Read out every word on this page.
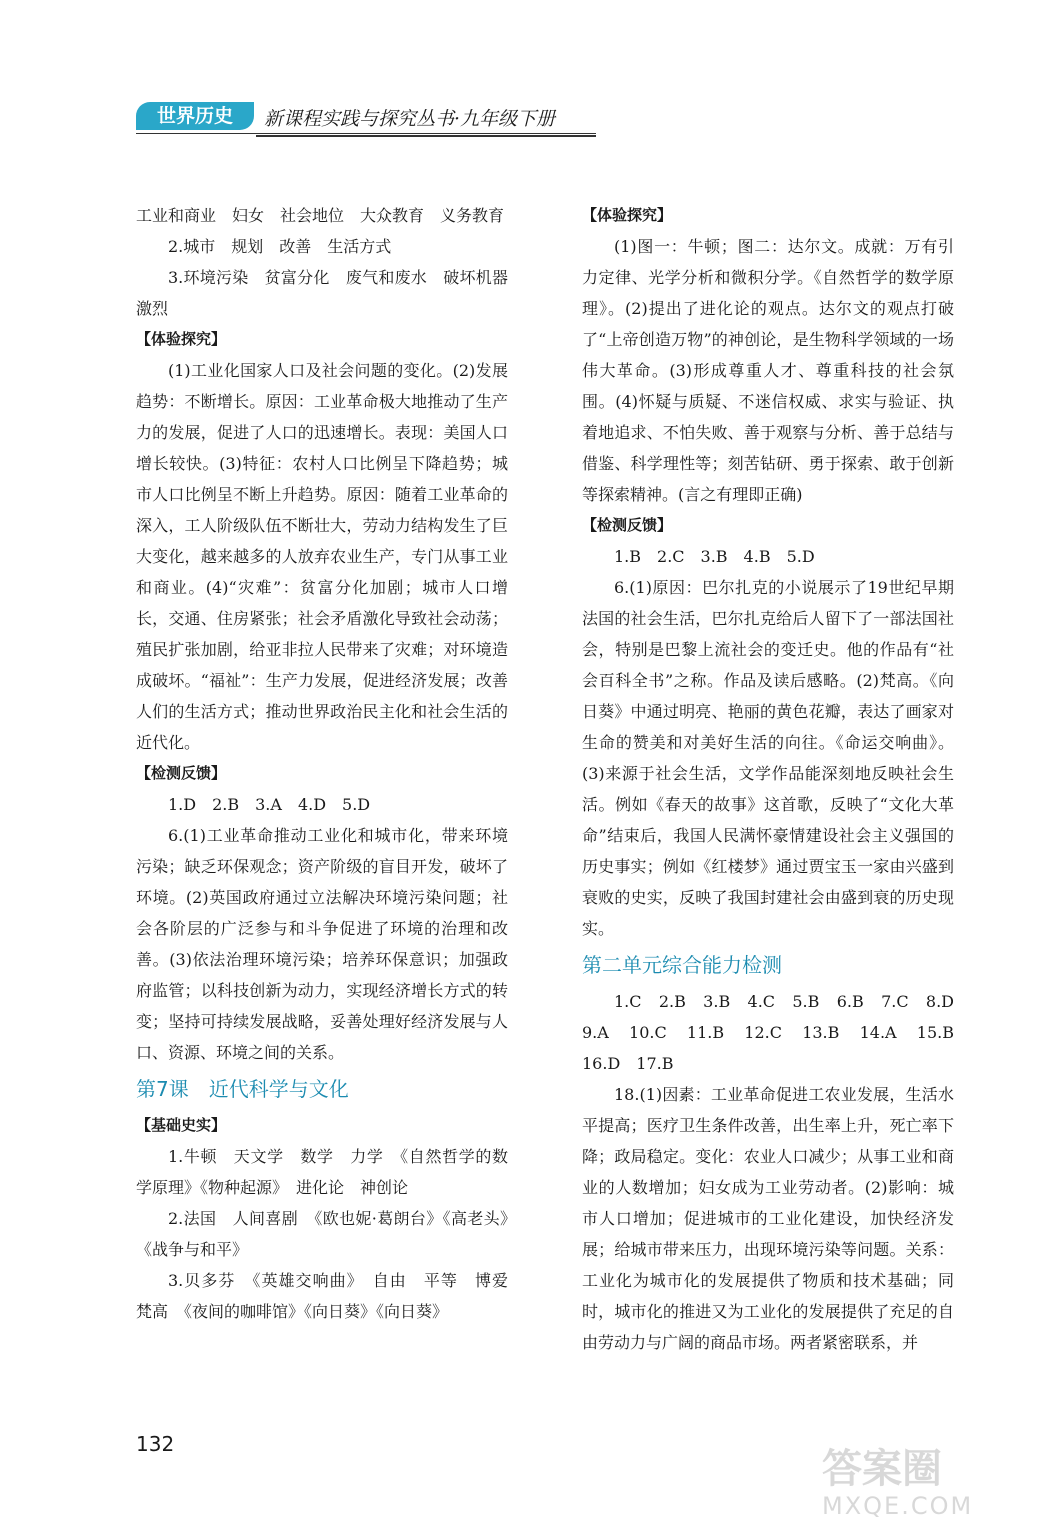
世界历史	新课程实践与探究丛书·九年级下册

工业和商业　妇女　社会地位　大众教育　义务教育

2.城市　规划　改善　生活方式

3.环境污染　贫富分化　废气和废水　破坏机器　激烈

【体验探究】

(1)工业化国家人口及社会问题的变化。(2)发展趋势：不断增长。原因：工业革命极大地推动了生产力的发展，促进了人口的迅速增长。表现：美国人口增长较快。(3)特征：农村人口比例呈下降趋势；城市人口比例呈不断上升趋势。原因：随着工业革命的深入，工人阶级队伍不断壮大，劳动力结构发生了巨大变化，越来越多的人放弃农业生产，专门从事工业和商业。(4)“灾难”：贫富分化加剧；城市人口增长，交通、住房紧张；社会矛盾激化导致社会动荡；殖民扩张加剧，给亚非拉人民带来了灾难；对环境造成破坏。“福祉”：生产力发展，促进经济发展；改善人们的生活方式；推动世界政治民主化和社会生活的近代化。

【检测反馈】

1.D　2.B　3.A　4.D　5.D

6.(1)工业革命推动工业化和城市化，带来环境污染；缺乏环保观念；资产阶级的盲目开发，破坏了环境。(2)英国政府通过立法解决环境污染问题；社会各阶层的广泛参与和斗争促进了环境的治理和改善。(3)依法治理环境污染；培养环保意识；加强政府监管；以科技创新为动力，实现经济增长方式的转变；坚持可持续发展战略，妥善处理好经济发展与人口、资源、环境之间的关系。

第7课　近代科学与文化

【基础史实】

1.牛顿　天文学　数学　力学　《自然哲学的数学原理》《物种起源》　进化论　神创论

2.法国　人间喜剧　《欧也妮·葛朗台》《高老头》《战争与和平》

3.贝多芬　《英雄交响曲》　自由　平等　博爱　梵高　《夜间的咖啡馆》《向日葵》《向日葵》

【体验探究】

(1)图一：牛顿；图二：达尔文。成就：万有引力定律、光学分析和微积分学。《自然哲学的数学原理》。(2)提出了进化论的观点。达尔文的观点打破了“上帝创造万物”的神创论，是生物科学领域的一场伟大革命。(3)形成尊重人才、尊重科技的社会氛围。(4)怀疑与质疑、不迷信权威、求实与验证、执着地追求、不怕失败、善于观察与分析、善于总结与借鉴、科学理性等；刻苦钻研、勇于探索、敢于创新等探索精神。(言之有理即正确)

【检测反馈】

1.B　2.C　3.B　4.B　5.D

6.(1)原因：巴尔扎克的小说展示了19世纪早期法国的社会生活，巴尔扎克给后人留下了一部法国社会，特别是巴黎上流社会的变迁史。他的作品有“社会百科全书”之称。作品及读后感略。(2)梵高。《向日葵》中通过明亮、艳丽的黄色花瓣，表达了画家对生命的赞美和对美好生活的向往。《命运交响曲》。(3)来源于社会生活，文学作品能深刻地反映社会生活。例如《春天的故事》这首歌，反映了“文化大革命”结束后，我国人民满怀豪情建设社会主义强国的历史事实；例如《红楼梦》通过贾宝玉一家由兴盛到衰败的史实，反映了我国封建社会由盛到衰的历史现实。

第二单元综合能力检测

1.C　2.B　3.B　4.C　5.B　6.B　7.C　8.D　9.A　10.C　11.B　12.C　13.B　14.A　15.B　16.D　17.B

18.(1)因素：工业革命促进工农业发展，生活水平提高；医疗卫生条件改善，出生率上升，死亡率下降；政局稳定。变化：农业人口减少；从事工业和商业的人数增加；妇女成为工业劳动者。(2)影响：城市人口增加；促进城市的工业化建设，加快经济发展；给城市带来压力，出现环境污染等问题。关系：工业化为城市化的发展提供了物质和技术基础；同时，城市化的推进又为工业化的发展提供了充足的自由劳动力与广阔的商品市场。两者紧密联系，并

132
答案圈
MXQE.COM
